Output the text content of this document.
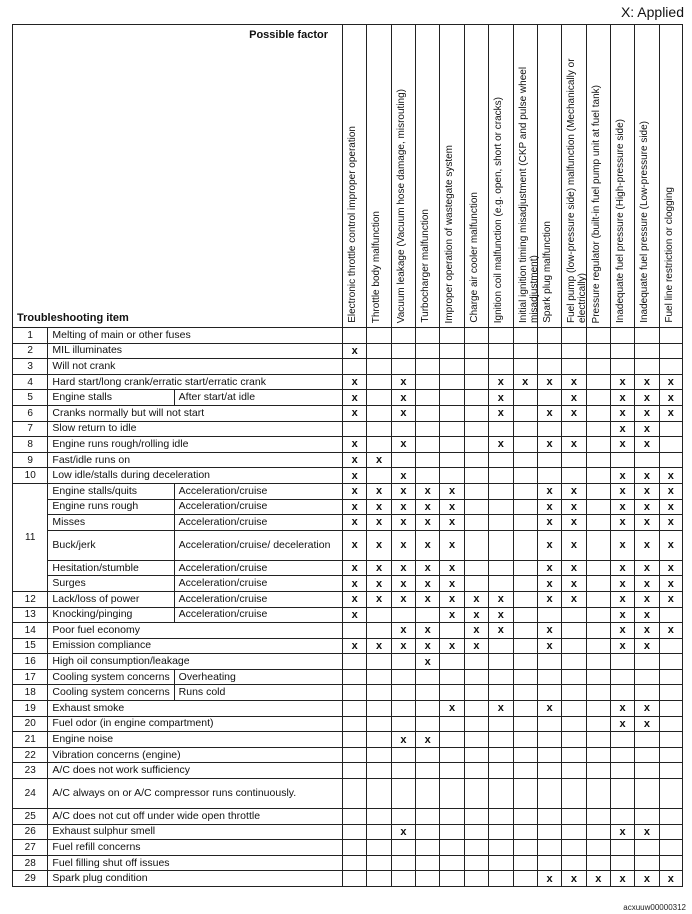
X: Applied
Possible factor
Troubleshooting item			Electronic throttle control improper operation	Throttle body malfunction	Vacuum leakage (Vacuum hose damage, misrouting)	Turbocharger malfunction	Improper operation of wastegate system	Charge air cooler malfunction	Ignition coil malfunction (e.g. open, short or cracks)	Initial ignition timing misadjustment (CKP and pulse wheel misadjustment)	Spark plug malfunction	Fuel pump (low-pressure side) malfunction (Mechanically or electrically)	Pressure regulator (built-in fuel pump unit at fuel tank)	Inadequate fuel pressure (High-pressure side)	Inadequate fuel pressure (Low-pressure side)	Fuel line restriction or clogging

1	Melting of main or other fuses															
2	MIL illuminates		x													
3	Will not crank															
4	Hard start/long crank/erratic start/erratic crank		x		x				x	x	x	x		x	x	x
5	Engine stalls	After start/at idle	x		x				x			x		x	x	x
6	Cranks normally but will not start		x		x				x		x	x		x	x	x
7	Slow return to idle													x	x	
8	Engine runs rough/rolling idle		x		x				x		x	x		x	x	
9	Fast/idle runs on		x	x												
10	Low idle/stalls during deceleration		x		x									x	x	x
11	Engine stalls/quits	Acceleration/cruise	x	x	x	x	x				x	x		x	x	x
	Engine runs rough	Acceleration/cruise	x	x	x	x	x				x	x		x	x	x
	Misses	Acceleration/cruise	x	x	x	x	x				x	x		x	x	x
	Buck/jerk	Acceleration/cruise/ deceleration	x	x	x	x	x				x	x		x	x	x
	Hesitation/stumble	Acceleration/cruise	x	x	x	x	x				x	x		x	x	x
	Surges	Acceleration/cruise	x	x	x	x	x				x	x		x	x	x
12	Lack/loss of power	Acceleration/cruise	x	x	x	x	x	x	x		x	x		x	x	x
13	Knocking/pinging	Acceleration/cruise	x				x	x	x					x	x	
14	Poor fuel economy				x	x		x	x		x			x	x	x
15	Emission compliance		x	x	x	x	x	x			x			x	x	
16	High oil consumption/leakage					x										
17	Cooling system concerns	Overheating														
18	Cooling system concerns	Runs cold														
19	Exhaust smoke						x		x		x			x	x	
20	Fuel odor (in engine compartment)													x	x	
21	Engine noise				x	x										
22	Vibration concerns (engine)															
23	A/C does not work sufficiency															
24	A/C always on or A/C compressor runs continuously.															
25	A/C does not cut off under wide open throttle															
26	Exhaust sulphur smell				x									x	x	
27	Fuel refill concerns															
28	Fuel filling shut off issues															
29	Spark plug condition										x	x	x	x	x	x
acxuuw00000312
